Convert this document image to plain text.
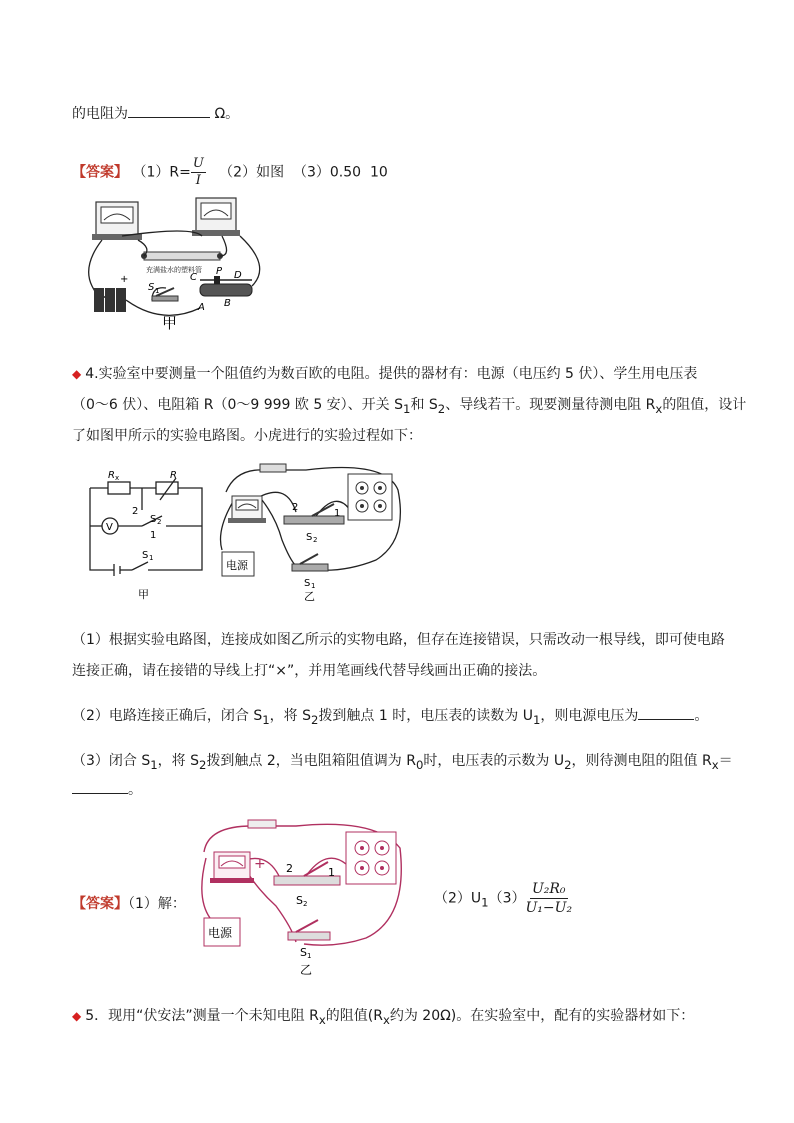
的电阻为	Ω。
【答案】 $(1)R= \frac{U}{I} (2)$如图 （3）0.50 10
充满盐水的塑料管
+
S 1
C
P D
A B
甲
◆ 4.实验室中要测量一个阻值约为数百欧的电阻。提供的器材有：电源（电压约 5 伏）、学生用电压表
（0～6 伏）、电阻箱 R（0～9 999 欧 5 安）、开关 $S_1$和 $S_2$、导线若干。现要测量待测电阻 $R_x$的阻值，设计
了如图甲所示的实验电路图。小虎进行的实验过程如下：
R x	R
V
2
1
S 2
S 1
甲
2
1
S 2
电源
S 1
乙
（1）根据实验电路图，连接成如图乙所示的实物电路，但存在连接错误，只需改动一根导线，即可使电路
连接正确，请在接错的导线上打“×”，并用笔画线代替导线画出正确的接法。
（2）电路连接正确后，闭合 $S_1$，将 $S_2$拨到触点 1 时，电压表的读数为 $U_1$，则电源电压为	。
（3）闭合 $S_1$，将 $S_2$拨到触点 2，当电阻箱阻值调为 $R_0$时，电压表的示数为 $U_2$，则待测电阻的阻值 $R_x=$
。
【答案】（1）解：
+ 2	1
S 2
电源
S 1
乙
$(2)U_1(3) \frac{\text{U₂R₀}}{\text{U₁−U₂}}$
◆ 5．现用“伏安法”测量一个未知电阻 $R_x$的阻值($R_x$约为 20Ω)。在实验室中，配有的实验器材如下：
